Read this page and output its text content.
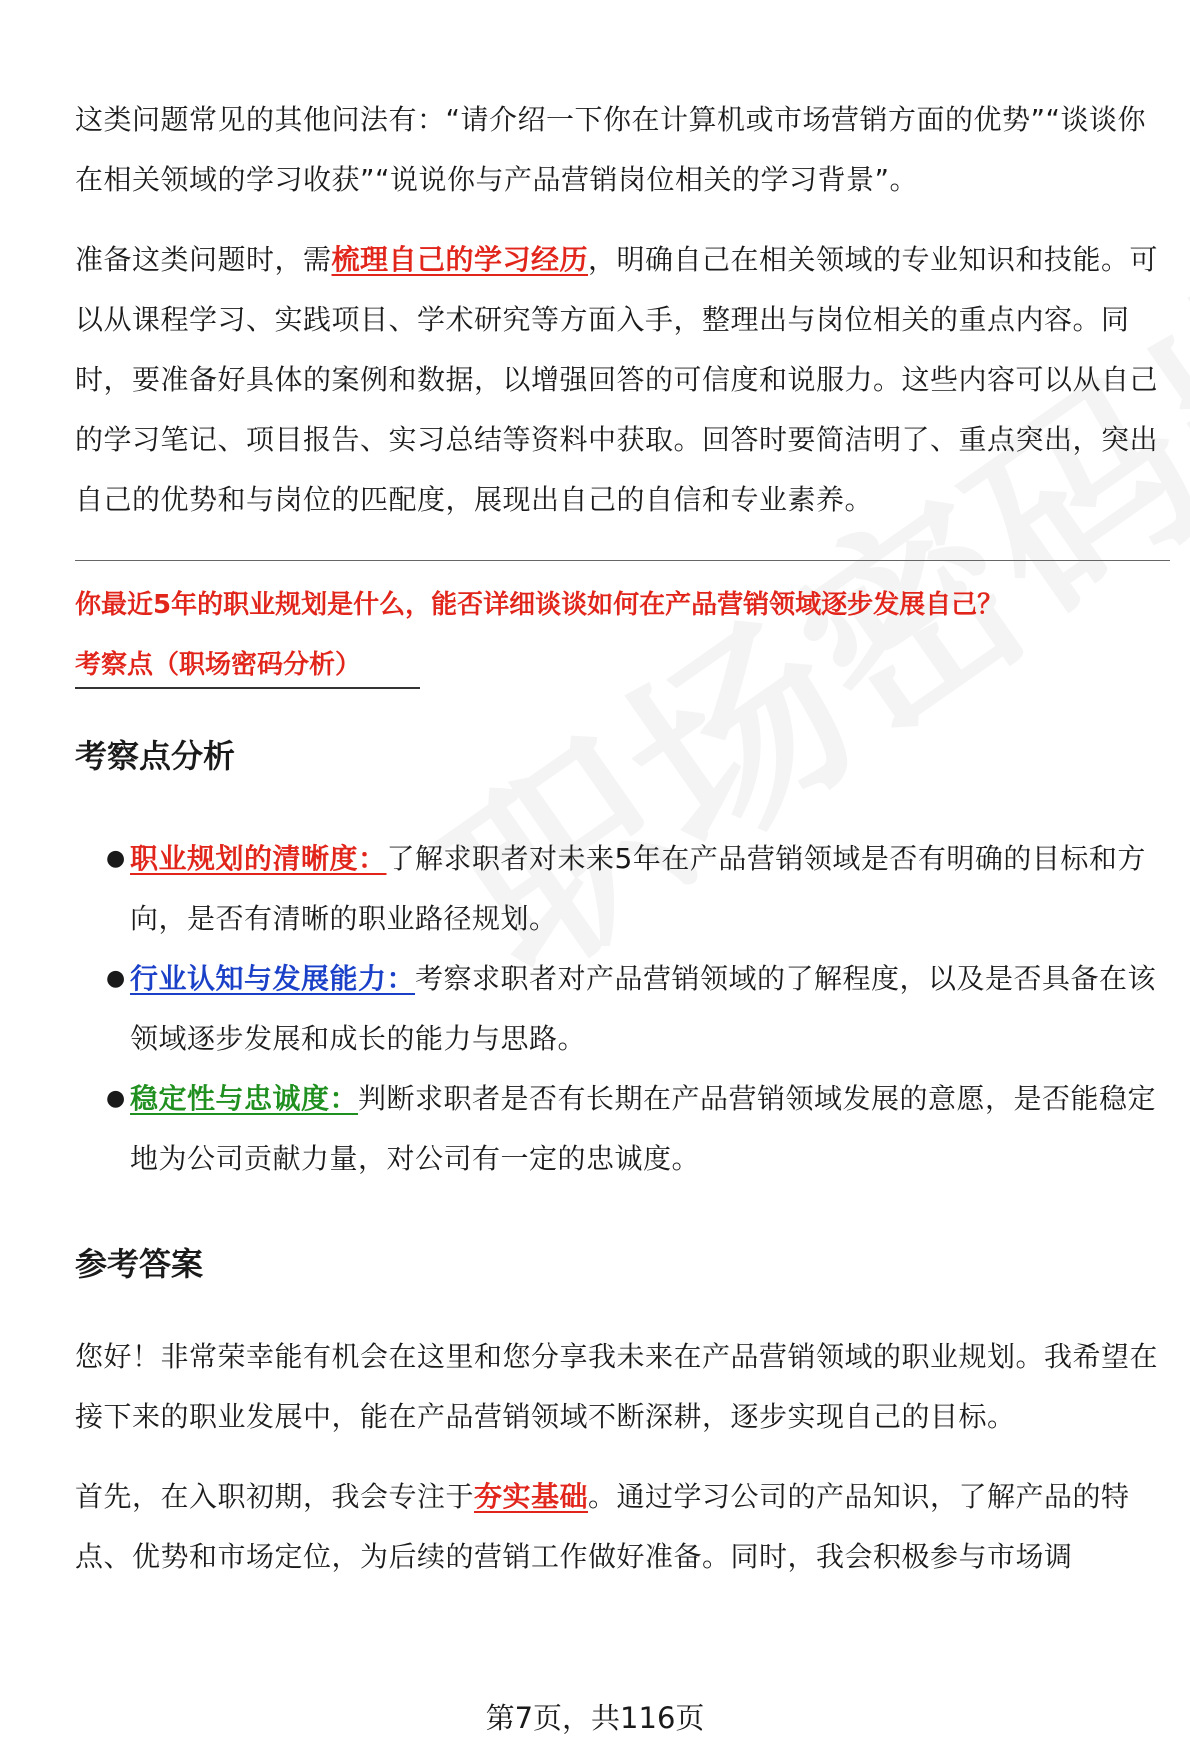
这类问题常见的其他问法有：“请介绍一下你在计算机或市场营销方面的优势”“谈谈你在相关领域的学习收获”“说说你与产品营销岗位相关的学习背景”。

准备这类问题时，需梳理自己的学习经历，明确自己在相关领域的专业知识和技能。可以从课程学习、实践项目、学术研究等方面入手，整理出与岗位相关的重点内容。同时，要准备好具体的案例和数据，以增强回答的可信度和说服力。这些内容可以从自己的学习笔记、项目报告、实习总结等资料中获取。回答时要简洁明了、重点突出，突出自己的优势和与岗位的匹配度，展现出自己的自信和专业素养。

你最近5年的职业规划是什么，能否详细谈谈如何在产品营销领域逐步发展自己？

考察点（职场密码分析）
考察点分析
● 职业规划的清晰度：了解求职者对未来5年在产品营销领域是否有明确的目标和方向，是否有清晰的职业路径规划。
● 行业认知与发展能力：考察求职者对产品营销领域的了解程度，以及是否具备在该领域逐步发展和成长的能力与思路。
● 稳定性与忠诚度：判断求职者是否有长期在产品营销领域发展的意愿，是否能稳定地为公司贡献力量，对公司有一定的忠诚度。
参考答案

您好！非常荣幸能有机会在这里和您分享我未来在产品营销领域的职业规划。我希望在接下来的职业发展中，能在产品营销领域不断深耕，逐步实现自己的目标。

首先，在入职初期，我会专注于夯实基础。通过学习公司的产品知识，了解产品的特点、优势和市场定位，为后续的营销工作做好准备。同时，我会积极参与市场调

第7页，共116页
